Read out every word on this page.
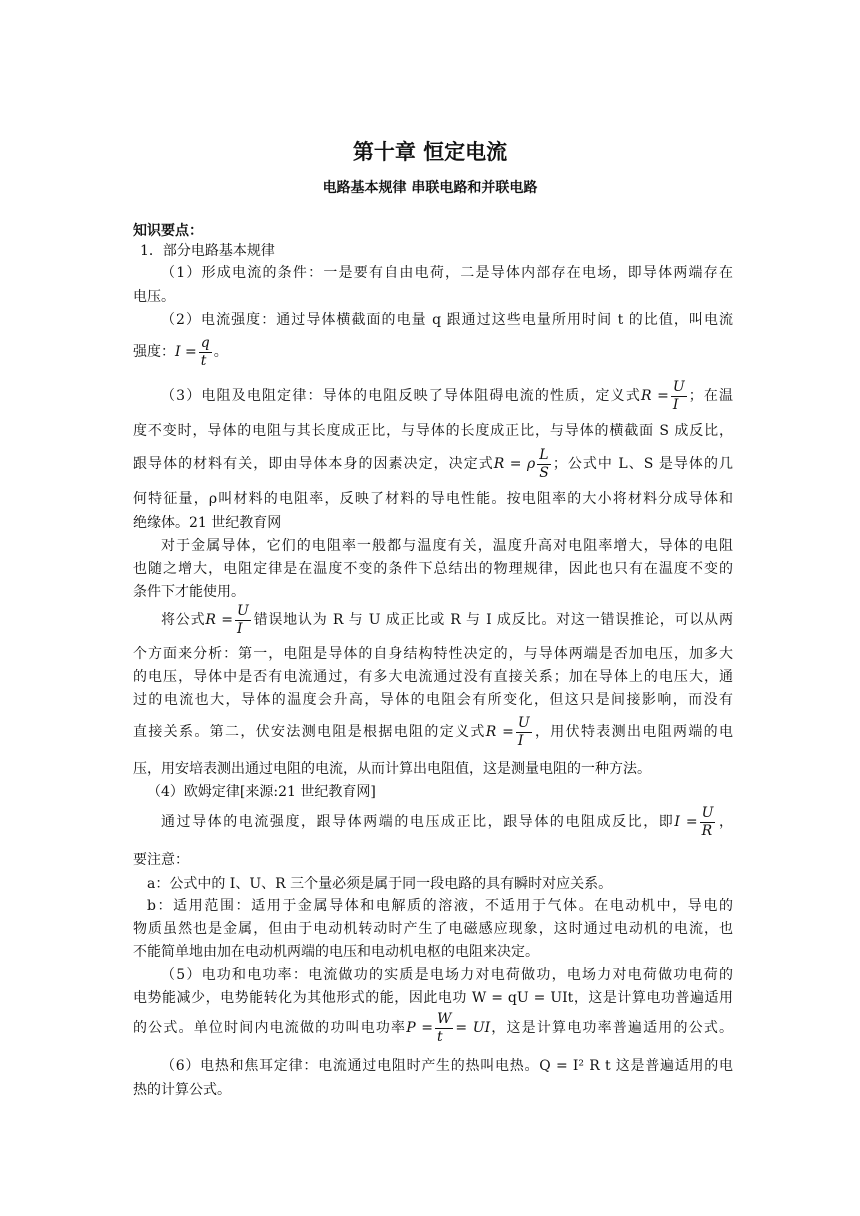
第十章 恒定电流
电路基本规律 串联电路和并联电路
知识要点：
1．部分电路基本规律
（1）形成电流的条件：一是要有自由电荷，二是导体内部存在电场，即导体两端存在
电压。
（2）电流强度：通过导体横截面的电量 q 跟通过这些电量所用时间 t 的比值，叫电流
强度：$I = \frac{q}{t}$ 。
（3）电阻及电阻定律：导体的电阻反映了导体阻碍电流的性质，定义式$R = \frac{U}{I}$ ；在温
度不变时，导体的电阻与其长度成正比，与导体的长度成正比，与导体的横截面 S 成反比，
跟导体的材料有关，即由导体本身的因素决定，决定式R = ρ $\frac{L}{S}$ ；公式中 L、S 是导体的几
何特征量，ρ叫材料的电阻率，反映了材料的导电性能。按电阻率的大小将材料分成导体和
绝缘体。21 世纪教育网
对于金属导体，它们的电阻率一般都与温度有关，温度升高对电阻率增大，导体的电阻
也随之增大，电阻定律是在温度不变的条件下总结出的物理规律，因此也只有在温度不变的
条件下才能使用。
将公式$R = \frac{U}{I}$ 错误地认为 R 与 U 成正比或 R 与 I 成反比。对这一错误推论，可以从两
个方面来分析：第一，电阻是导体的自身结构特性决定的，与导体两端是否加电压，加多大
的电压，导体中是否有电流通过，有多大电流通过没有直接关系；加在导体上的电压大，通
过的电流也大，导体的温度会升高，导体的电阻会有所变化，但这只是间接影响，而没有
直接关系。第二，伏安法测电阻是根据电阻的定义式$R = \frac{U}{I}$ ，用伏特表测出电阻两端的电
压，用安培表测出通过电阻的电流，从而计算出电阻值，这是测量电阻的一种方法。
（4）欧姆定律[来源:21 世纪教育网]
通过导体的电流强度，跟导体两端的电压成正比，跟导体的电阻成反比，即$I = \frac{U}{R}$ ，
要注意：
a：公式中的 I、U、R 三个量必须是属于同一段电路的具有瞬时对应关系。
b：适用范围：适用于金属导体和电解质的溶液，不适用于气体。在电动机中，导电的
物质虽然也是金属，但由于电动机转动时产生了电磁感应现象，这时通过电动机的电流，也
不能简单地由加在电动机两端的电压和电动机电枢的电阻来决定。
（5）电功和电功率：电流做功的实质是电场力对电荷做功，电场力对电荷做功电荷的
电势能减少，电势能转化为其他形式的能，因此电功 W = qU = UIt，这是计算电功普遍适用
的公式。单位时间内电流做的功叫电功率$P = \frac{W}{t}$ = UI，这是计算电功率普遍适用的公式。
（6）电热和焦耳定律：电流通过电阻时产生的热叫电热。Q = I² R t 这是普遍适用的电
热的计算公式。
